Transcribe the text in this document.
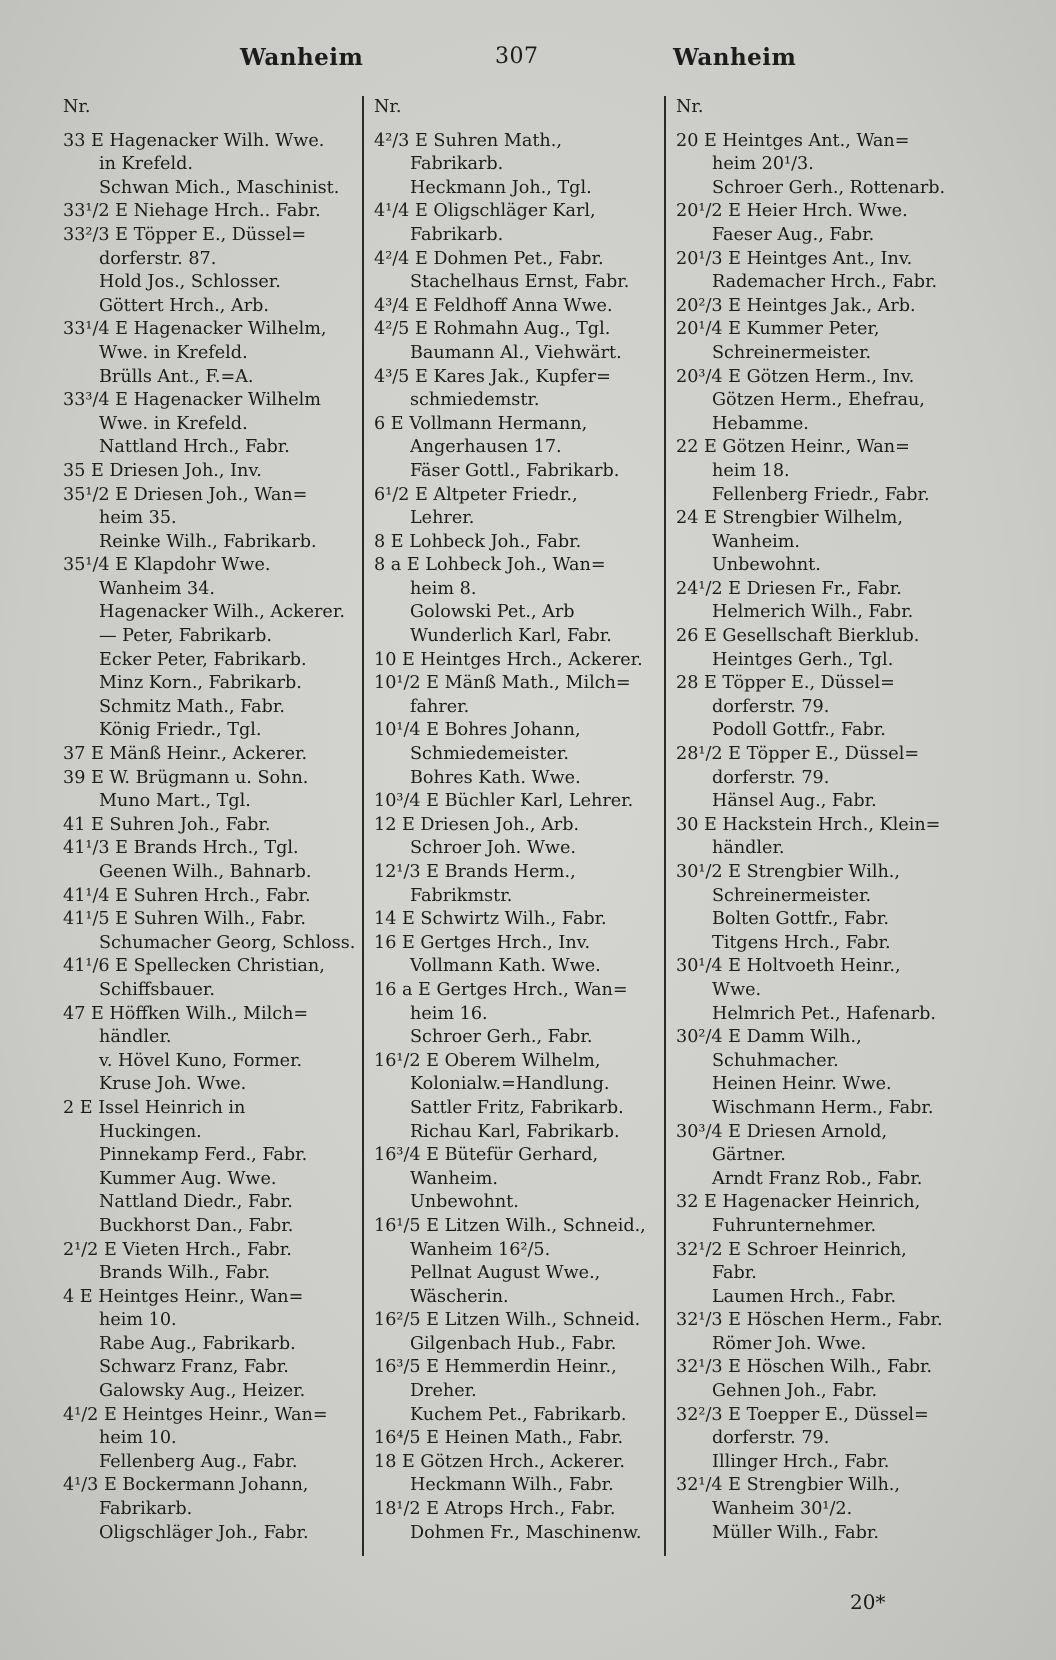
Wanheim	307	Wanheim
Nr.
33 E Hagenacker Wilh. Wwe.
in Krefeld.
Schwan Mich., Maschinist.
33¹/2 E Niehage Hrch.. Fabr.
33²/3 E Töpper E., Düssel=
dorferstr. 87.
Hold Jos., Schlosser.
Göttert Hrch., Arb.
33¹/4 E Hagenacker Wilhelm,
Wwe. in Krefeld.
Brülls Ant., F.=A.
33³/4 E Hagenacker Wilhelm
Wwe. in Krefeld.
Nattland Hrch., Fabr.
35 E Driesen Joh., Inv.
35¹/2 E Driesen Joh., Wan=
heim 35.
Reinke Wilh., Fabrikarb.
35¹/4 E Klapdohr Wwe.
Wanheim 34.
Hagenacker Wilh., Ackerer.
— Peter, Fabrikarb.
Ecker Peter, Fabrikarb.
Minz Korn., Fabrikarb.
Schmitz Math., Fabr.
König Friedr., Tgl.
37 E Mänß Heinr., Ackerer.
39 E W. Brügmann u. Sohn.
Muno Mart., Tgl.
41 E Suhren Joh., Fabr.
41¹/3 E Brands Hrch., Tgl.
Geenen Wilh., Bahnarb.
41¹/4 E Suhren Hrch., Fabr.
41¹/5 E Suhren Wilh., Fabr.
Schumacher Georg, Schloss.
41¹/6 E Spellecken Christian,
Schiffsbauer.
47 E Höffken Wilh., Milch=
händler.
v. Hövel Kuno, Former.
Kruse Joh. Wwe.
2 E Issel Heinrich in
Huckingen.
Pinnekamp Ferd., Fabr.
Kummer Aug. Wwe.
Nattland Diedr., Fabr.
Buckhorst Dan., Fabr.
2¹/2 E Vieten Hrch., Fabr.
Brands Wilh., Fabr.
4 E Heintges Heinr., Wan=
heim 10.
Rabe Aug., Fabrikarb.
Schwarz Franz, Fabr.
Galowsky Aug., Heizer.
4¹/2 E Heintges Heinr., Wan=
heim 10.
Fellenberg Aug., Fabr.
4¹/3 E Bockermann Johann,
Fabrikarb.
Oligschläger Joh., Fabr.
Nr.
4²/3 E Suhren Math.,
Fabrikarb.
Heckmann Joh., Tgl.
4¹/4 E Oligschläger Karl,
Fabrikarb.
4²/4 E Dohmen Pet., Fabr.
Stachelhaus Ernst, Fabr.
4³/4 E Feldhoff Anna Wwe.
4²/5 E Rohmahn Aug., Tgl.
Baumann Al., Viehwärt.
4³/5 E Kares Jak., Kupfer=
schmiedemstr.
6 E Vollmann Hermann,
Angerhausen 17.
Fäser Gottl., Fabrikarb.
6¹/2 E Altpeter Friedr.,
Lehrer.
8 E Lohbeck Joh., Fabr.
8 a E Lohbeck Joh., Wan=
heim 8.
Golowski Pet., Arb
Wunderlich Karl, Fabr.
10 E Heintges Hrch., Ackerer.
10¹/2 E Mänß Math., Milch=
fahrer.
10¹/4 E Bohres Johann,
Schmiedemeister.
Bohres Kath. Wwe.
10³/4 E Büchler Karl, Lehrer.
12 E Driesen Joh., Arb.
Schroer Joh. Wwe.
12¹/3 E Brands Herm.,
Fabrikmstr.
14 E Schwirtz Wilh., Fabr.
16 E Gertges Hrch., Inv.
Vollmann Kath. Wwe.
16 a E Gertges Hrch., Wan=
heim 16.
Schroer Gerh., Fabr.
16¹/2 E Oberem Wilhelm,
Kolonialw.=Handlung.
Sattler Fritz, Fabrikarb.
Richau Karl, Fabrikarb.
16³/4 E Bütefür Gerhard,
Wanheim.
Unbewohnt.
16¹/5 E Litzen Wilh., Schneid.,
Wanheim 16²/5.
Pellnat August Wwe.,
Wäscherin.
16²/5 E Litzen Wilh., Schneid.
Gilgenbach Hub., Fabr.
16³/5 E Hemmerdin Heinr.,
Dreher.
Kuchem Pet., Fabrikarb.
16⁴/5 E Heinen Math., Fabr.
18 E Götzen Hrch., Ackerer.
Heckmann Wilh., Fabr.
18¹/2 E Atrops Hrch., Fabr.
Dohmen Fr., Maschinenw.
Nr.
20 E Heintges Ant., Wan=
heim 20¹/3.
Schroer Gerh., Rottenarb.
20¹/2 E Heier Hrch. Wwe.
Faeser Aug., Fabr.
20¹/3 E Heintges Ant., Inv.
Rademacher Hrch., Fabr.
20²/3 E Heintges Jak., Arb.
20¹/4 E Kummer Peter,
Schreinermeister.
20³/4 E Götzen Herm., Inv.
Götzen Herm., Ehefrau,
Hebamme.
22 E Götzen Heinr., Wan=
heim 18.
Fellenberg Friedr., Fabr.
24 E Strengbier Wilhelm,
Wanheim.
Unbewohnt.
24¹/2 E Driesen Fr., Fabr.
Helmerich Wilh., Fabr.
26 E Gesellschaft Bierklub.
Heintges Gerh., Tgl.
28 E Töpper E., Düssel=
dorferstr. 79.
Podoll Gottfr., Fabr.
28¹/2 E Töpper E., Düssel=
dorferstr. 79.
Hänsel Aug., Fabr.
30 E Hackstein Hrch., Klein=
händler.
30¹/2 E Strengbier Wilh.,
Schreinermeister.
Bolten Gottfr., Fabr.
Titgens Hrch., Fabr.
30¹/4 E Holtvoeth Heinr.,
Wwe.
Helmrich Pet., Hafenarb.
30²/4 E Damm Wilh.,
Schuhmacher.
Heinen Heinr. Wwe.
Wischmann Herm., Fabr.
30³/4 E Driesen Arnold,
Gärtner.
Arndt Franz Rob., Fabr.
32 E Hagenacker Heinrich,
Fuhrunternehmer.
32¹/2 E Schroer Heinrich,
Fabr.
Laumen Hrch., Fabr.
32¹/3 E Höschen Herm., Fabr.
Römer Joh. Wwe.
32¹/3 E Höschen Wilh., Fabr.
Gehnen Joh., Fabr.
32²/3 E Toepper E., Düssel=
dorferstr. 79.
Illinger Hrch., Fabr.
32¹/4 E Strengbier Wilh.,
Wanheim 30¹/2.
Müller Wilh., Fabr.
20*
